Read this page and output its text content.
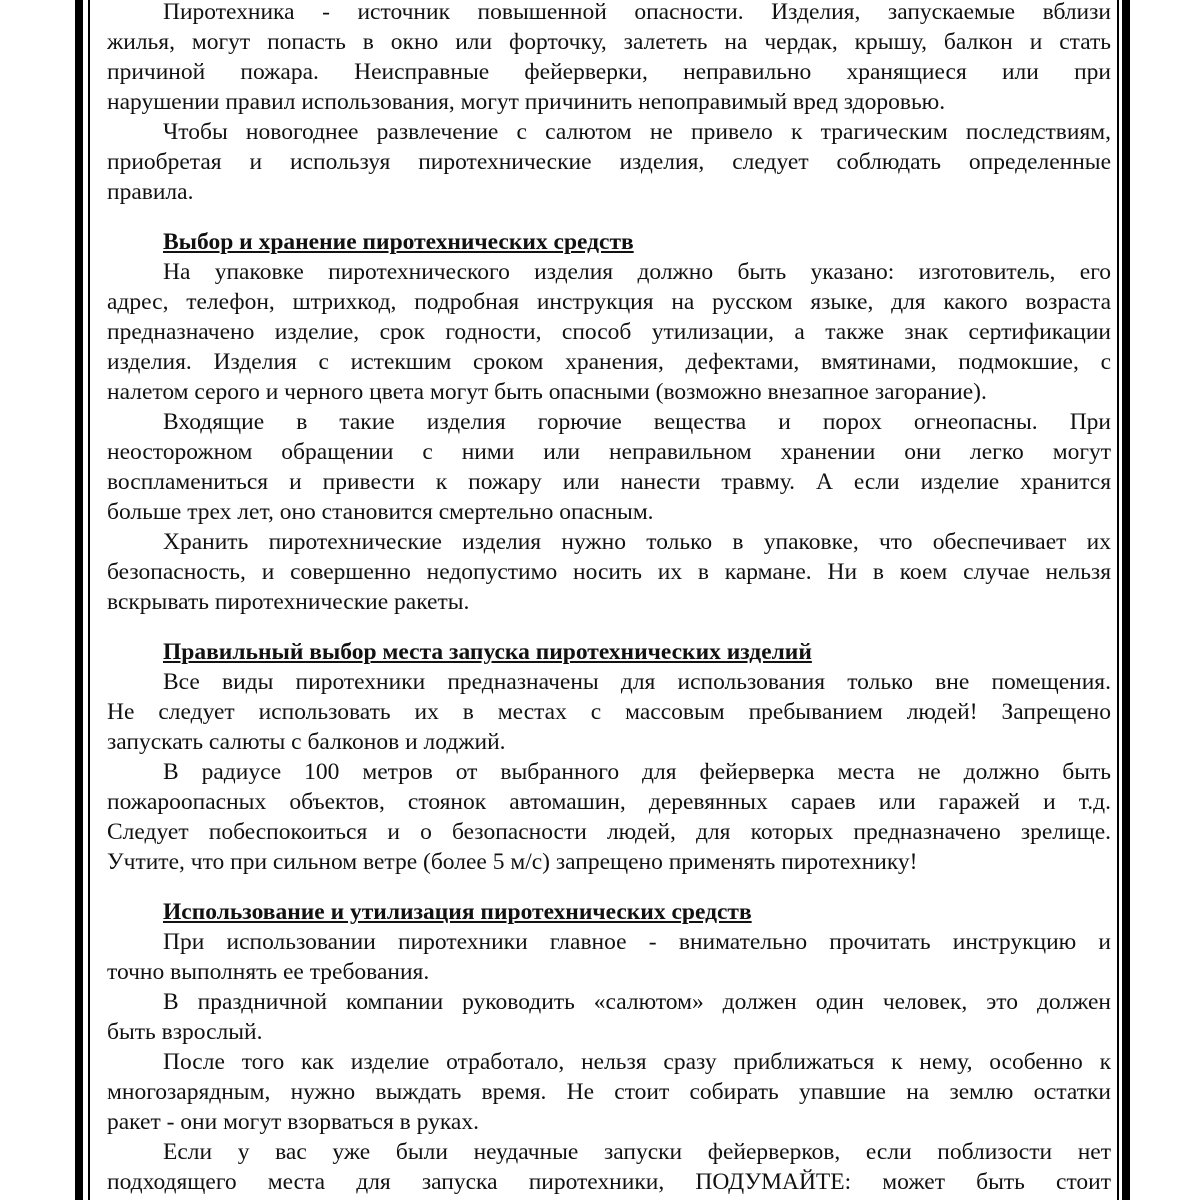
Пиротехника - источник повышенной опасности. Изделия, запускаемые вблизи
жилья, могут попасть в окно или форточку, залететь на чердак, крышу, балкон и стать
причиной пожара. Неисправные фейерверки, неправильно хранящиеся или при
нарушении правил использования, могут причинить непоправимый вред здоровью.
Чтобы новогоднее развлечение с салютом не привело к трагическим последствиям,
приобретая и используя пиротехнические изделия, следует соблюдать определенные
правила.
Выбор и хранение пиротехнических средств
На упаковке пиротехнического изделия должно быть указано: изготовитель, его
адрес, телефон, штрихкод, подробная инструкция на русском языке, для какого возраста
предназначено изделие, срок годности, способ утилизации, а также знак сертификации
изделия. Изделия с истекшим сроком хранения, дефектами, вмятинами, подмокшие, с
налетом серого и черного цвета могут быть опасными (возможно внезапное загорание).
Входящие в такие изделия горючие вещества и порох огнеопасны. При
неосторожном обращении с ними или неправильном хранении они легко могут
воспламениться и привести к пожару или нанести травму. А если изделие хранится
больше трех лет, оно становится смертельно опасным.
Хранить пиротехнические изделия нужно только в упаковке, что обеспечивает их
безопасность, и совершенно недопустимо носить их в кармане. Ни в коем случае нельзя
вскрывать пиротехнические ракеты.
Правильный выбор места запуска пиротехнических изделий
Все виды пиротехники предназначены для использования только вне помещения.
Не следует использовать их в местах с массовым пребыванием людей! Запрещено
запускать салюты с балконов и лоджий.
В радиусе 100 метров от выбранного для фейерверка места не должно быть
пожароопасных объектов, стоянок автомашин, деревянных сараев или гаражей и т.д.
Следует побеспокоиться и о безопасности людей, для которых предназначено зрелище.
Учтите, что при сильном ветре (более 5 м/с) запрещено применять пиротехнику!
Использование и утилизация пиротехнических средств
При использовании пиротехники главное - внимательно прочитать инструкцию и
точно выполнять ее требования.
В праздничной компании руководить «салютом» должен один человек, это должен
быть взрослый.
После того как изделие отработало, нельзя сразу приближаться к нему, особенно к
многозарядным, нужно выждать время. Не стоит собирать упавшие на землю остатки
ракет - они могут взорваться в руках.
Если у вас уже были неудачные запуски фейерверков, если поблизости нет
подходящего места для запуска пиротехники, ПОДУМАЙТЕ: может быть стоит
